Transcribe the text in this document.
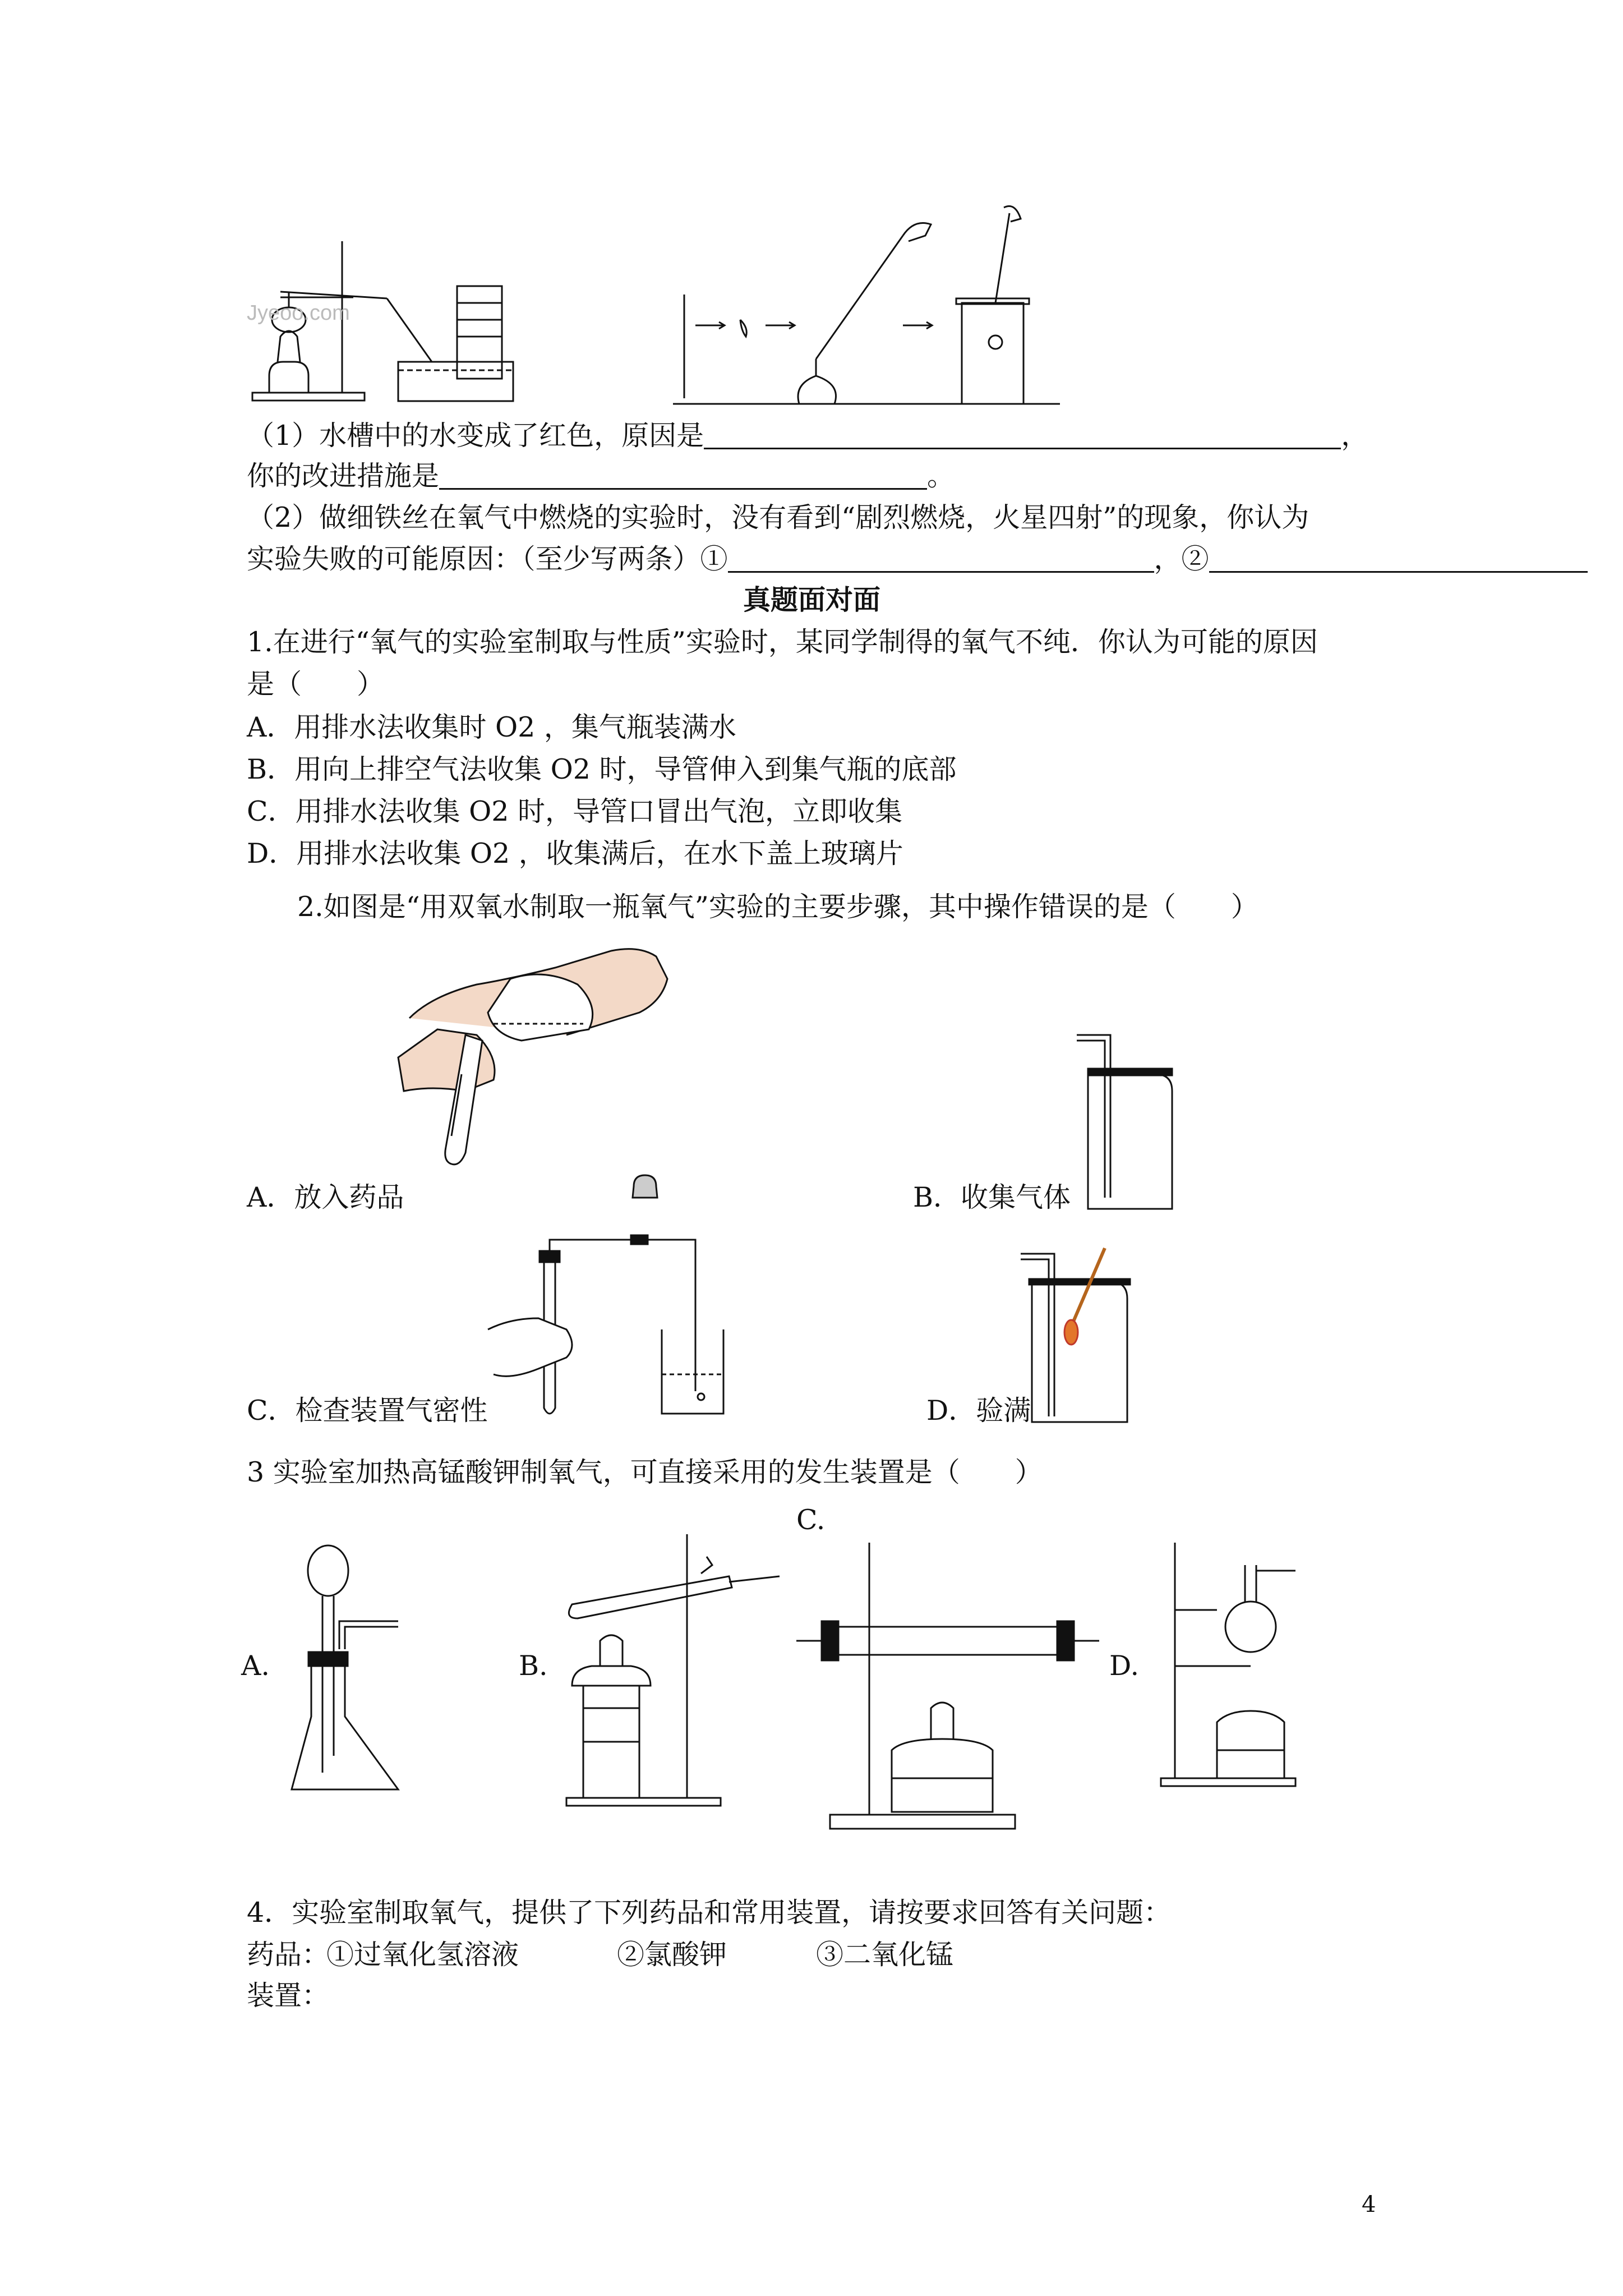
Jyeoo.com
（1）水槽中的水变成了红色，原因是	，
你的改进措施是	。
（2）做细铁丝在氧气中燃烧的实验时，没有看到“剧烈燃烧，火星四射”的现象，你认为
实验失败的可能原因：（至少写两条）①	，②
真题面对面
1.在进行“氧气的实验室制取与性质”实验时，某同学制得的氧气不纯．你认为可能的原因
是（　　）
A．用排水法收集时 O2 ，集气瓶装满水
B．用向上排空气法收集 O2 时，导管伸入到集气瓶的底部
C．用排水法收集 O2 时，导管口冒出气泡，立即收集
D．用排水法收集 O2 ，收集满后，在水下盖上玻璃片
2.如图是“用双氧水制取一瓶氧气”实验的主要步骤，其中操作错误的是（　　）
A．放入药品	B．收集气体
C．检查装置气密性	D．验满
3 实验室加热高锰酸钾制氧气，可直接采用的发生装置是（　　）
A.	B.
C.
D.
4．实验室制取氧气，提供了下列药品和常用装置，请按要求回答有关问题：
药品：
①过氧化氢溶液	②氯酸钾	③二氧化锰
装置：
4
